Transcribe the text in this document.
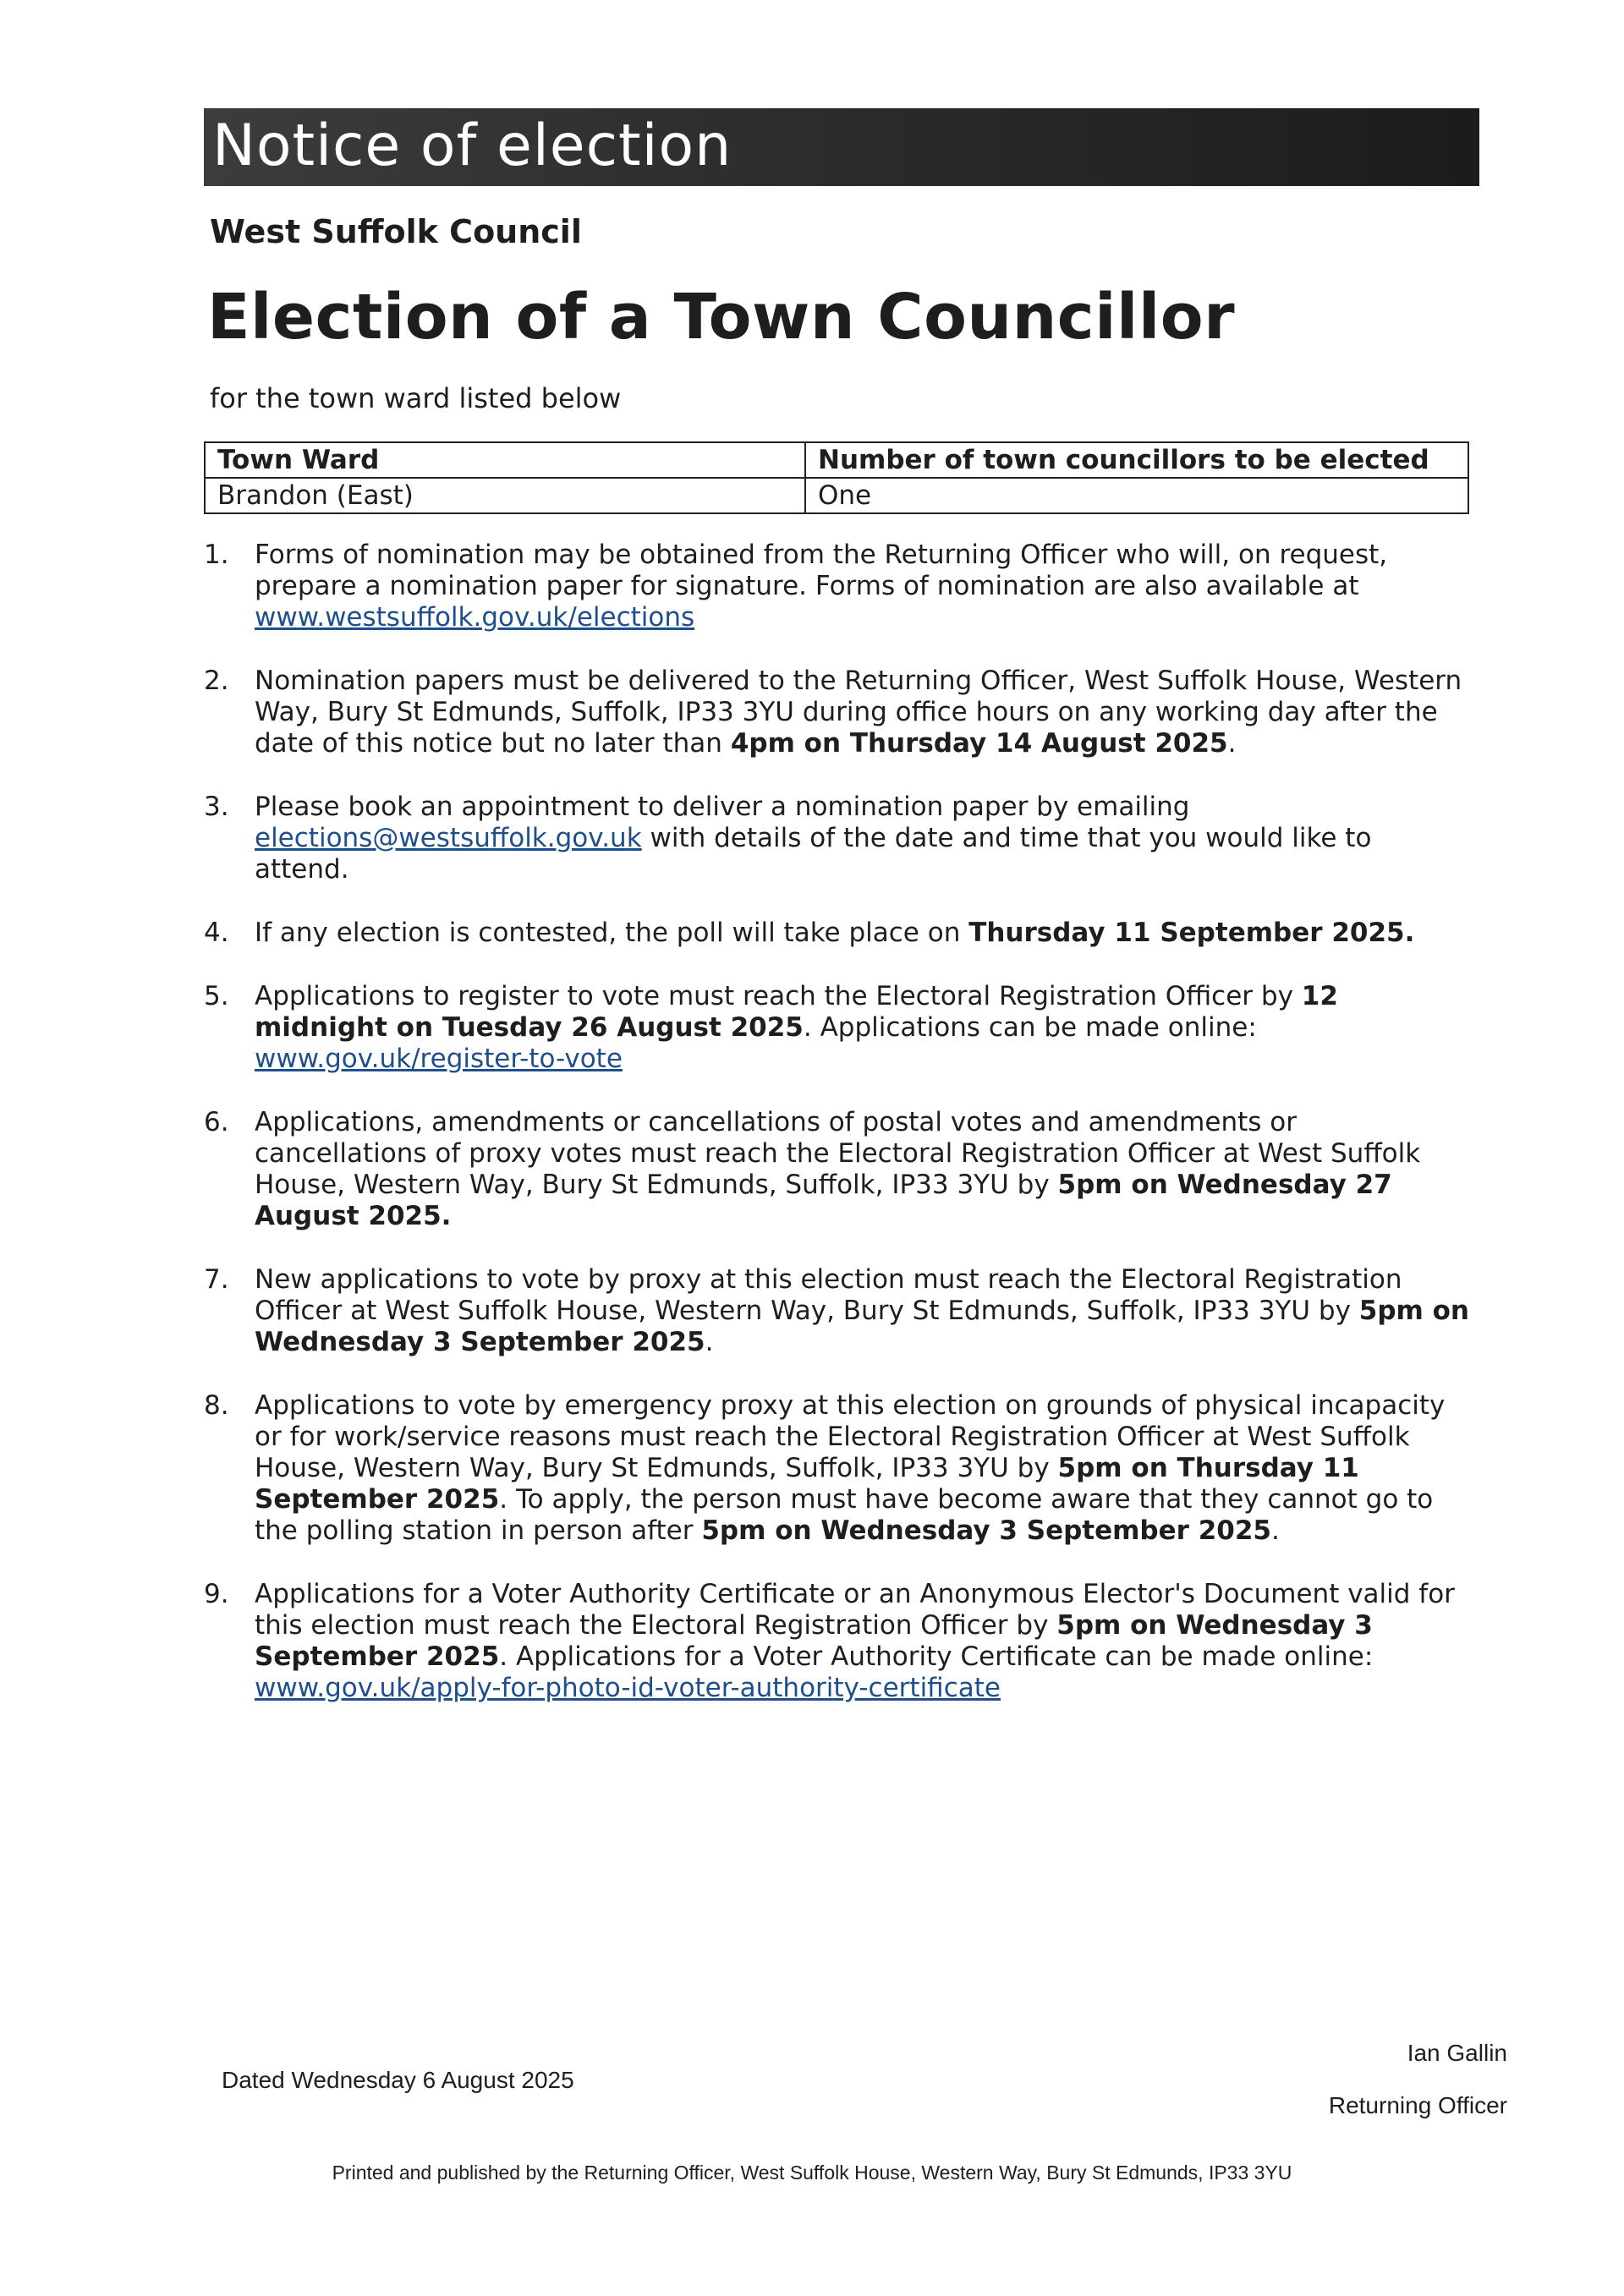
Notice of election
West Suffolk Council
Election of a Town Councillor
for the town ward listed below
Town Ward	Number of town councillors to be elected
Brandon (East)	One
1. Forms of nomination may be obtained from the Returning Officer who will, on request, prepare a nomination paper for signature. Forms of nomination are also available at www.westsuffolk.gov.uk/elections
2. Nomination papers must be delivered to the Returning Officer, West Suffolk House, Western Way, Bury St Edmunds, Suffolk, IP33 3YU during office hours on any working day after the date of this notice but no later than 4pm on Thursday 14 August 2025.
3. Please book an appointment to deliver a nomination paper by emailing elections@westsuffolk.gov.uk with details of the date and time that you would like to attend.
4. If any election is contested, the poll will take place on Thursday 11 September 2025.
5. Applications to register to vote must reach the Electoral Registration Officer by 12 midnight on Tuesday 26 August 2025. Applications can be made online: www.gov.uk/register-to-vote
6. Applications, amendments or cancellations of postal votes and amendments or cancellations of proxy votes must reach the Electoral Registration Officer at West Suffolk House, Western Way, Bury St Edmunds, Suffolk, IP33 3YU by 5pm on Wednesday 27 August 2025.
7. New applications to vote by proxy at this election must reach the Electoral Registration Officer at West Suffolk House, Western Way, Bury St Edmunds, Suffolk, IP33 3YU by 5pm on Wednesday 3 September 2025.
8. Applications to vote by emergency proxy at this election on grounds of physical incapacity or for work/service reasons must reach the Electoral Registration Officer at West Suffolk House, Western Way, Bury St Edmunds, Suffolk, IP33 3YU by 5pm on Thursday 11 September 2025. To apply, the person must have become aware that they cannot go to the polling station in person after 5pm on Wednesday 3 September 2025.
9. Applications for a Voter Authority Certificate or an Anonymous Elector's Document valid for this election must reach the Electoral Registration Officer by 5pm on Wednesday 3 September 2025. Applications for a Voter Authority Certificate can be made online: www.gov.uk/apply-for-photo-id-voter-authority-certificate
Dated Wednesday 6 August 2025
Ian Gallin
Returning Officer
Printed and published by the Returning Officer, West Suffolk House, Western Way, Bury St Edmunds, IP33 3YU
